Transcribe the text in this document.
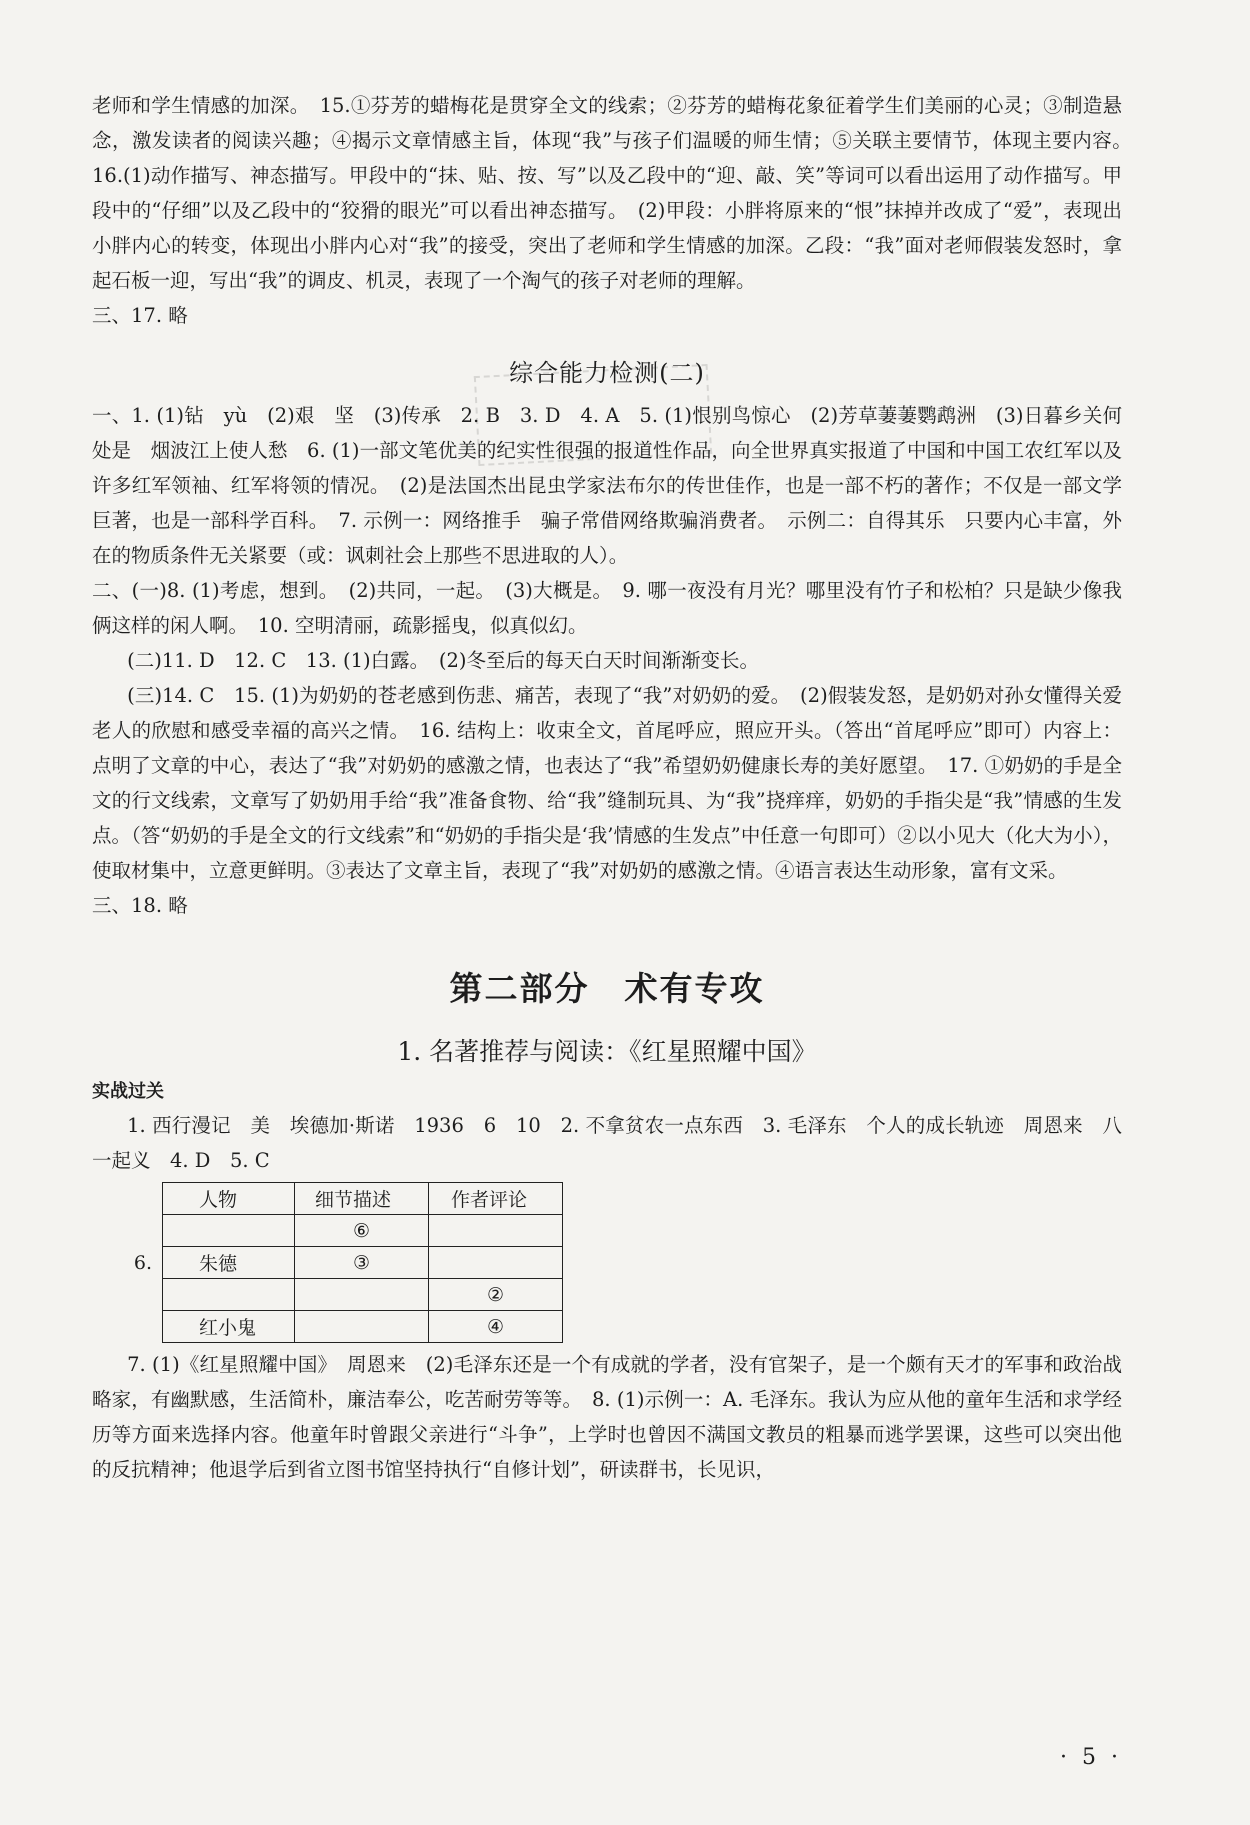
老师和学生情感的加深。　15.①芬芳的蜡梅花是贯穿全文的线索；②芬芳的蜡梅花象征着学生们美丽的心灵；③制造悬念，激发读者的阅读兴趣；④揭示文章情感主旨，体现“我”与孩子们温暖的师生情；⑤关联主要情节，体现主要内容。　16.(1)动作描写、神态描写。甲段中的“抹、贴、按、写”以及乙段中的“迎、敲、笑”等词可以看出运用了动作描写。甲段中的“仔细”以及乙段中的“狡猾的眼光”可以看出神态描写。　(2)甲段：小胖将原来的“恨”抹掉并改成了“爱”，表现出小胖内心的转变，体现出小胖内心对“我”的接受，突出了老师和学生情感的加深。乙段：“我”面对老师假装发怒时，拿起石板一迎，写出“我”的调皮、机灵，表现了一个淘气的孩子对老师的理解。

三、17. 略

综合能力检测(二)

一、1. (1)钻　yù　(2)艰　坚　(3)传承　2. B　3. D　4. A　5. (1)恨别鸟惊心　(2)芳草萋萋鹦鹉洲　(3)日暮乡关何处是　烟波江上使人愁　6. (1)一部文笔优美的纪实性很强的报道性作品，向全世界真实报道了中国和中国工农红军以及许多红军领袖、红军将领的情况。　(2)是法国杰出昆虫学家法布尔的传世佳作，也是一部不朽的著作；不仅是一部文学巨著，也是一部科学百科。　7. 示例一：网络推手　骗子常借网络欺骗消费者。　示例二：自得其乐　只要内心丰富，外在的物质条件无关紧要（或：讽刺社会上那些不思进取的人）。

二、(一)8. (1)考虑，想到。　(2)共同，一起。　(3)大概是。　9. 哪一夜没有月光？哪里没有竹子和松柏？只是缺少像我俩这样的闲人啊。　10. 空明清丽，疏影摇曳，似真似幻。

(二)11. D　12. C　13. (1)白露。　(2)冬至后的每天白天时间渐渐变长。

(三)14. C　15. (1)为奶奶的苍老感到伤悲、痛苦，表现了“我”对奶奶的爱。　(2)假装发怒，是奶奶对孙女懂得关爱老人的欣慰和感受幸福的高兴之情。　16. 结构上：收束全文，首尾呼应，照应开头。（答出“首尾呼应”即可）内容上：点明了文章的中心，表达了“我”对奶奶的感激之情，也表达了“我”希望奶奶健康长寿的美好愿望。　17. ①奶奶的手是全文的行文线索，文章写了奶奶用手给“我”准备食物、给“我”缝制玩具、为“我”挠痒痒，奶奶的手指尖是“我”情感的生发点。（答“奶奶的手是全文的行文线索”和“奶奶的手指尖是‘我’情感的生发点”中任意一句即可）②以小见大（化大为小），使取材集中，立意更鲜明。③表达了文章主旨，表现了“我”对奶奶的感激之情。④语言表达生动形象，富有文采。

三、18. 略

第二部分　术有专攻
1. 名著推荐与阅读：《红星照耀中国》

实战过关

1. 西行漫记　美　埃德加·斯诺　1936　6　10　2. 不拿贫农一点东西　3. 毛泽东　个人的成长轨迹　周恩来　八一起义　4. D　5. C

6.
人物	细节描述	作者评论
	⑥	
朱德	③	
		②
红小鬼		④

7. (1)《红星照耀中国》　周恩来　(2)毛泽东还是一个有成就的学者，没有官架子，是一个颇有天才的军事和政治战略家，有幽默感，生活简朴，廉洁奉公，吃苦耐劳等等。　8. (1)示例一：A. 毛泽东。我认为应从他的童年生活和求学经历等方面来选择内容。他童年时曾跟父亲进行“斗争”，上学时也曾因不满国文教员的粗暴而逃学罢课，这些可以突出他的反抗精神；他退学后到省立图书馆坚持执行“自修计划”，研读群书，长见识，

· 5 ·
